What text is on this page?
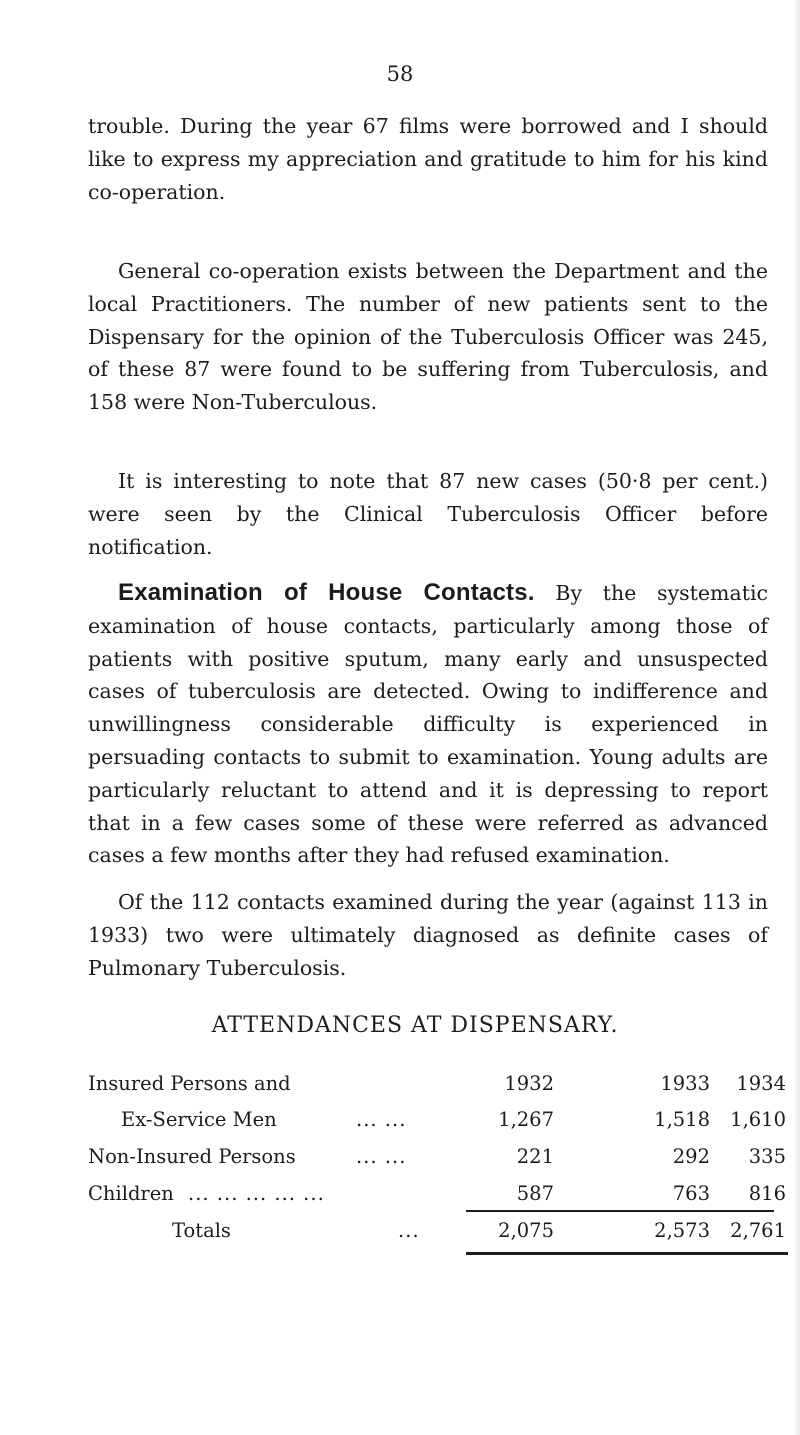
58

trouble. During the year 67 films were borrowed and I should like to express my appreciation and gratitude to him for his kind co-operation.

General co-operation exists between the Department and the local Practitioners. The number of new patients sent to the Dispensary for the opinion of the Tuberculosis Officer was 245, of these 87 were found to be suffering from Tuberculosis, and 158 were Non-Tuberculous.

It is interesting to note that 87 new cases (50·8 per cent.) were seen by the Clinical Tuberculosis Officer before notification.

Examination of House Contacts. By the systematic examination of house contacts, particularly among those of patients with positive sputum, many early and unsuspected cases of tuberculosis are detected. Owing to indifference and unwillingness considerable difficulty is experienced in persuading contacts to submit to examination. Young adults are particularly reluctant to attend and it is depressing to report that in a few cases some of these were referred as advanced cases a few months after they had refused examination.

Of the 112 contacts examined during the year (against 113 in 1933) two were ultimately diagnosed as definite cases of Pulmonary Tuberculosis.

ATTENDANCES AT DISPENSARY.
Insured Persons and	1932	1933	1934
Ex-Service Men	... ...	1,267	1,518	1,610
Non-Insured Persons	... ...	221	292	335
Children ... ... ... ... ...	587	763	816
Totals	...	2,075	2,573	2,761
